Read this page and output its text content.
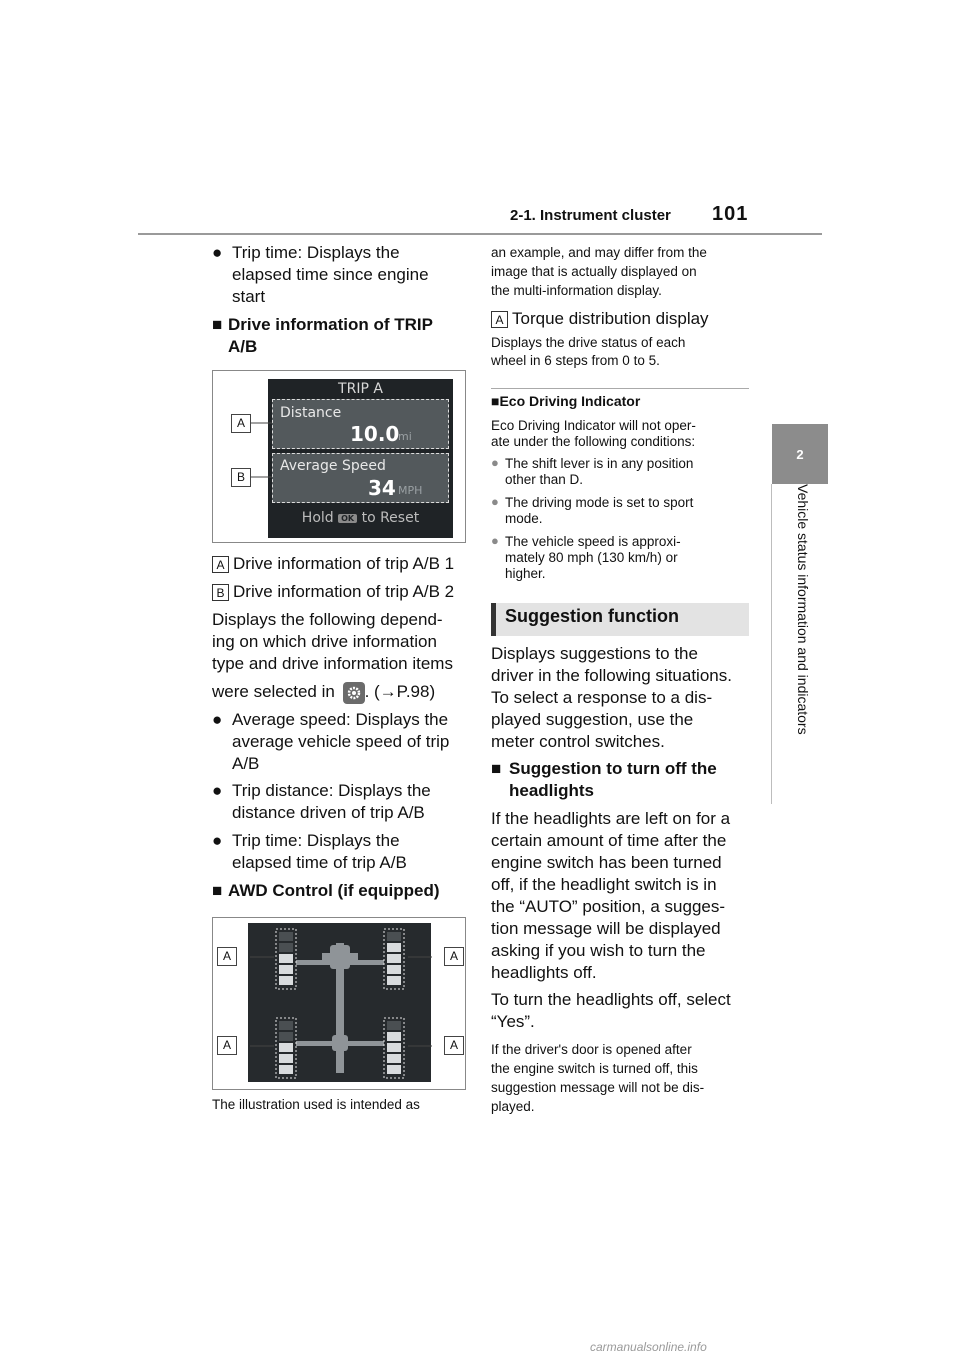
2-1. Instrument cluster 101
2
Vehicle status information and indicators
● Trip time: Displays the
elapsed time since engine
start
■ Drive information of TRIP
A/B
TRIP A
Distance
10.0
mi
Average Speed
34 MPH
Hold OK to Reset
A
B
A Drive information of trip A/B 1
B Drive information of trip A/B 2
Displays the following depend-
ing on which drive information
type and drive information items
were selected in . (→P.98)
● Average speed: Displays the
average vehicle speed of trip
A/B
● Trip distance: Displays the
distance driven of trip A/B
● Trip time: Displays the
elapsed time of trip A/B
■ AWD Control (if equipped)
A	A
A	A
The illustration used is intended as
an example, and may differ from the
image that is actually displayed on
the multi-information display.
A Torque distribution display
Displays the drive status of each
wheel in 6 steps from 0 to 5.
■Eco Driving Indicator
Eco Driving Indicator will not oper-
ate under the following conditions:
● The shift lever is in any position
other than D.
● The driving mode is set to sport
mode.
● The vehicle speed is approxi-
mately 80 mph (130 km/h) or
higher.
Suggestion function
Displays suggestions to the
driver in the following situations.
To select a response to a dis-
played suggestion, use the
meter control switches.
■ Suggestion to turn off the
headlights
If the headlights are left on for a
certain amount of time after the
engine switch has been turned
off, if the headlight switch is in
the “AUTO” position, a sugges-
tion message will be displayed
asking if you wish to turn the
headlights off.
To turn the headlights off, select
“Yes”.
If the driver's door is opened after
the engine switch is turned off, this
suggestion message will not be dis-
played.
carmanualsonline.info
